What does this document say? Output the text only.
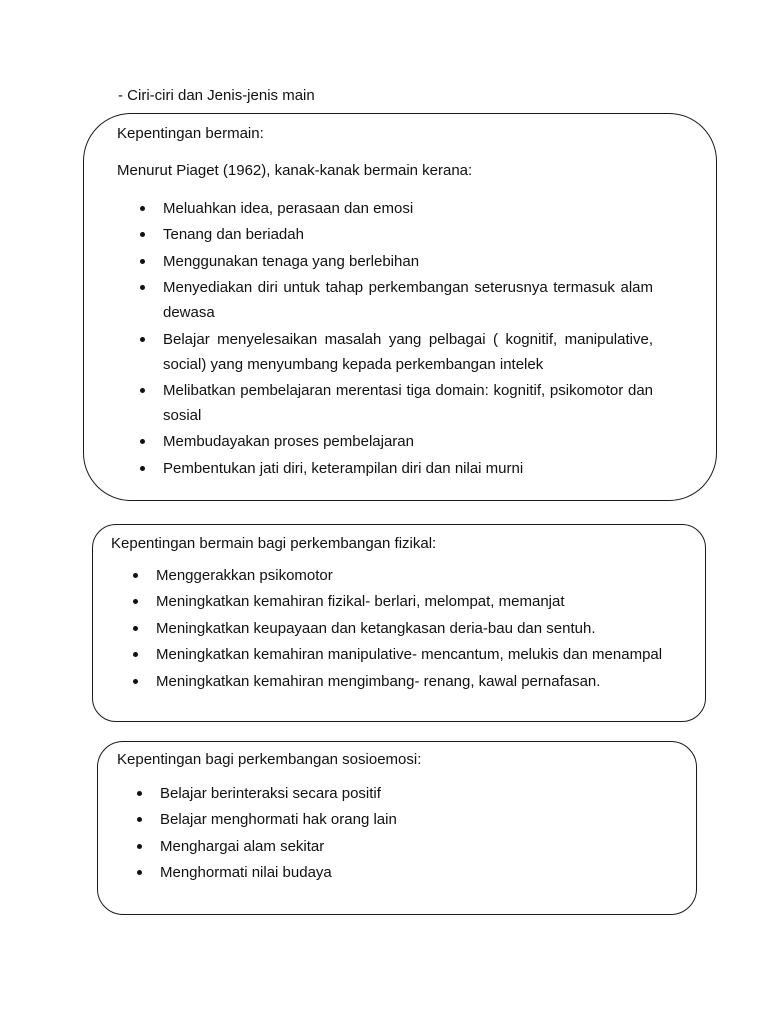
- Ciri-ciri dan Jenis-jenis main
Kepentingan bermain:
Menurut Piaget (1962), kanak-kanak bermain kerana:
Meluahkan idea, perasaan dan emosi
Tenang dan beriadah
Menggunakan tenaga yang berlebihan
Menyediakan diri untuk tahap perkembangan seterusnya termasuk alam dewasa
Belajar menyelesaikan masalah yang pelbagai ( kognitif, manipulative, social) yang menyumbang kepada perkembangan intelek
Melibatkan pembelajaran merentasi tiga domain: kognitif, psikomotor dan sosial
Membudayakan proses pembelajaran
Pembentukan jati diri, keterampilan diri dan nilai murni
Kepentingan bermain bagi perkembangan fizikal:
Menggerakkan psikomotor
Meningkatkan kemahiran fizikal- berlari, melompat, memanjat
Meningkatkan keupayaan dan ketangkasan deria-bau dan sentuh.
Meningkatkan kemahiran manipulative- mencantum, melukis dan menampal
Meningkatkan kemahiran mengimbang- renang, kawal pernafasan.
Kepentingan bagi perkembangan sosioemosi:
Belajar berinteraksi secara positif
Belajar menghormati hak orang lain
Menghargai alam sekitar
Menghormati nilai budaya
